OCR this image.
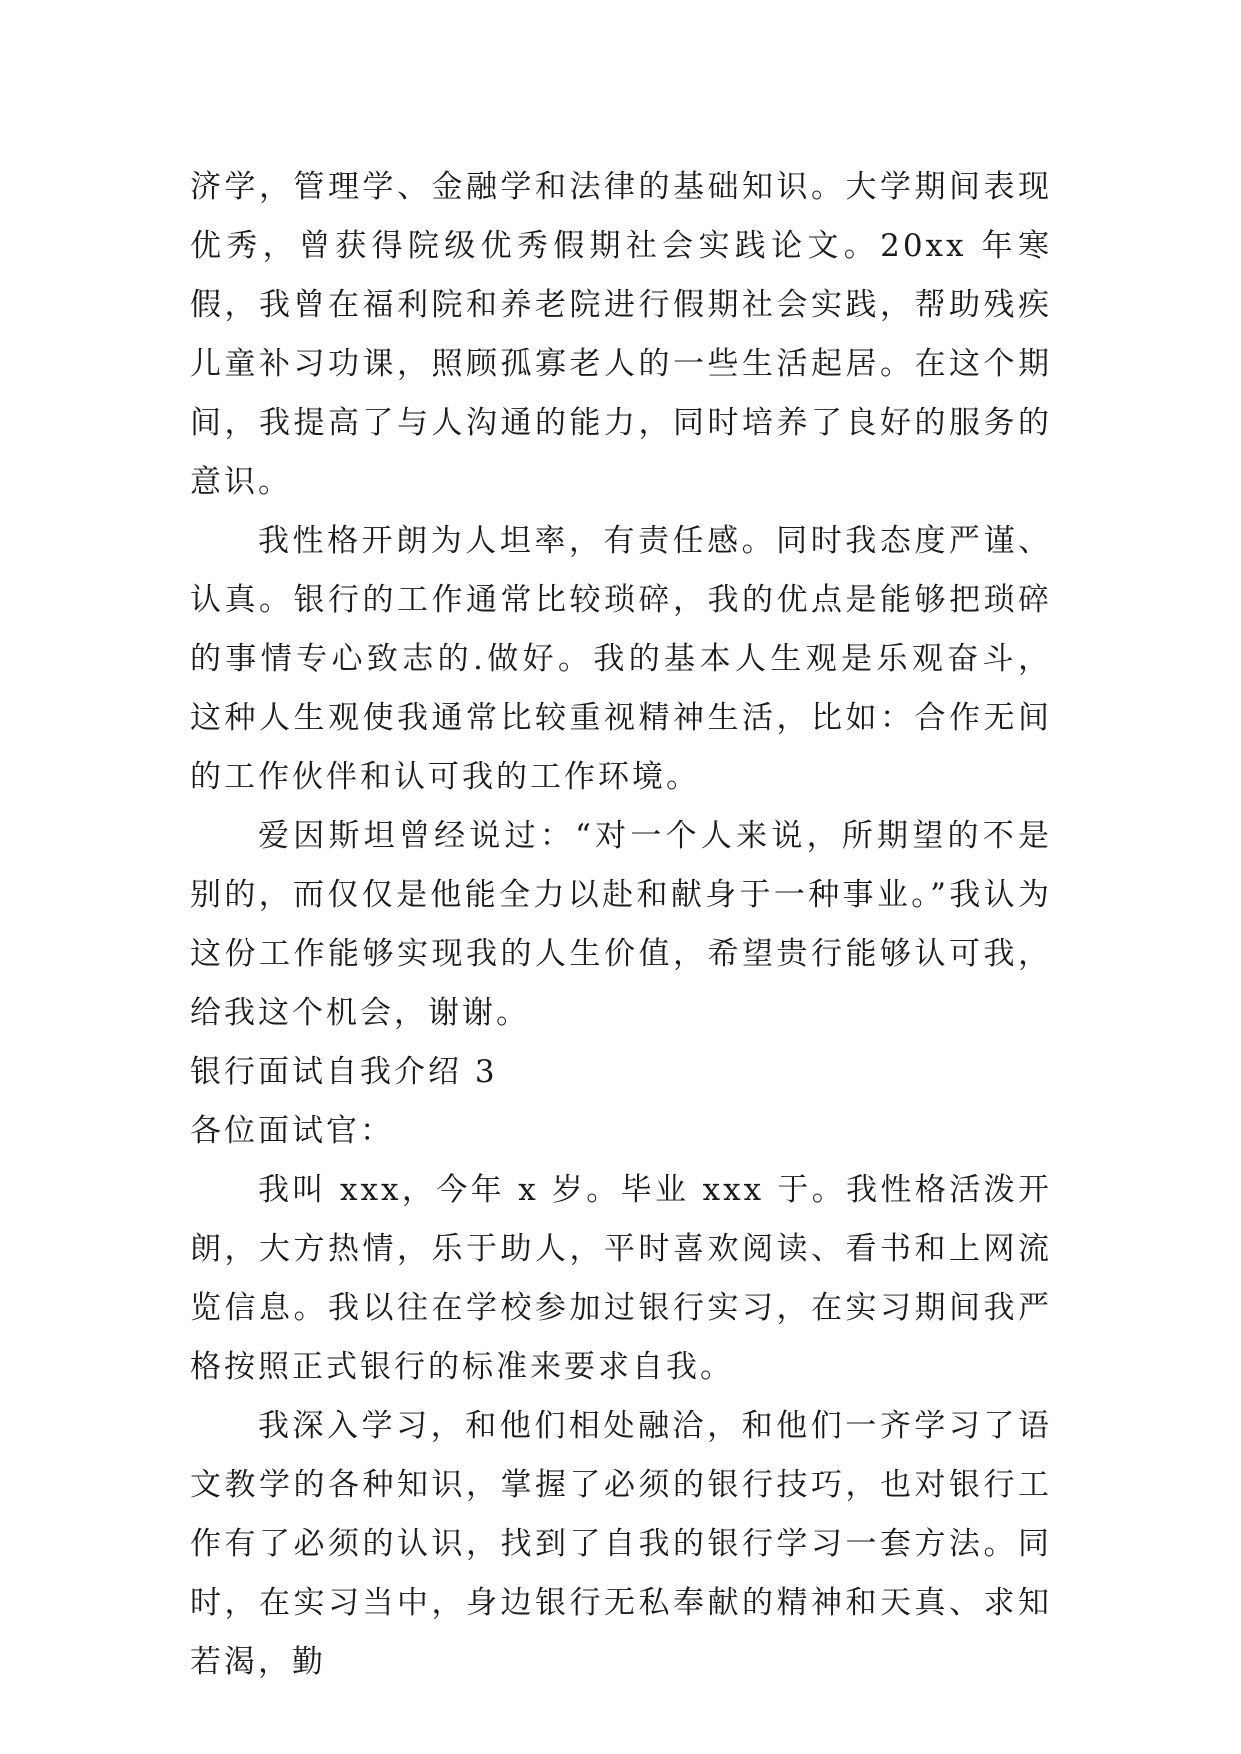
济学，管理学、金融学和法律的基础知识。大学期间表现优秀，曾获得院级优秀假期社会实践论文。20xx 年寒假，我曾在福利院和养老院进行假期社会实践，帮助残疾儿童补习功课，照顾孤寡老人的一些生活起居。在这个期间，我提高了与人沟通的能力，同时培养了良好的服务的意识。

我性格开朗为人坦率，有责任感。同时我态度严谨、认真。银行的工作通常比较琐碎，我的优点是能够把琐碎的事情专心致志的.做好。我的基本人生观是乐观奋斗，这种人生观使我通常比较重视精神生活，比如：合作无间的工作伙伴和认可我的工作环境。

爱因斯坦曾经说过：“对一个人来说，所期望的不是别的，而仅仅是他能全力以赴和献身于一种事业。”我认为这份工作能够实现我的人生价值，希望贵行能够认可我，给我这个机会，谢谢。

银行面试自我介绍 3

各位面试官：

我叫 xxx，今年 x 岁。毕业 xxx 于。我性格活泼开朗，大方热情，乐于助人，平时喜欢阅读、看书和上网流览信息。我以往在学校参加过银行实习，在实习期间我严格按照正式银行的标准来要求自我。

我深入学习，和他们相处融洽，和他们一齐学习了语文教学的各种知识，掌握了必须的银行技巧，也对银行工作有了必须的认识，找到了自我的银行学习一套方法。同时，在实习当中，身边银行无私奉献的精神和天真、求知若渴，勤
